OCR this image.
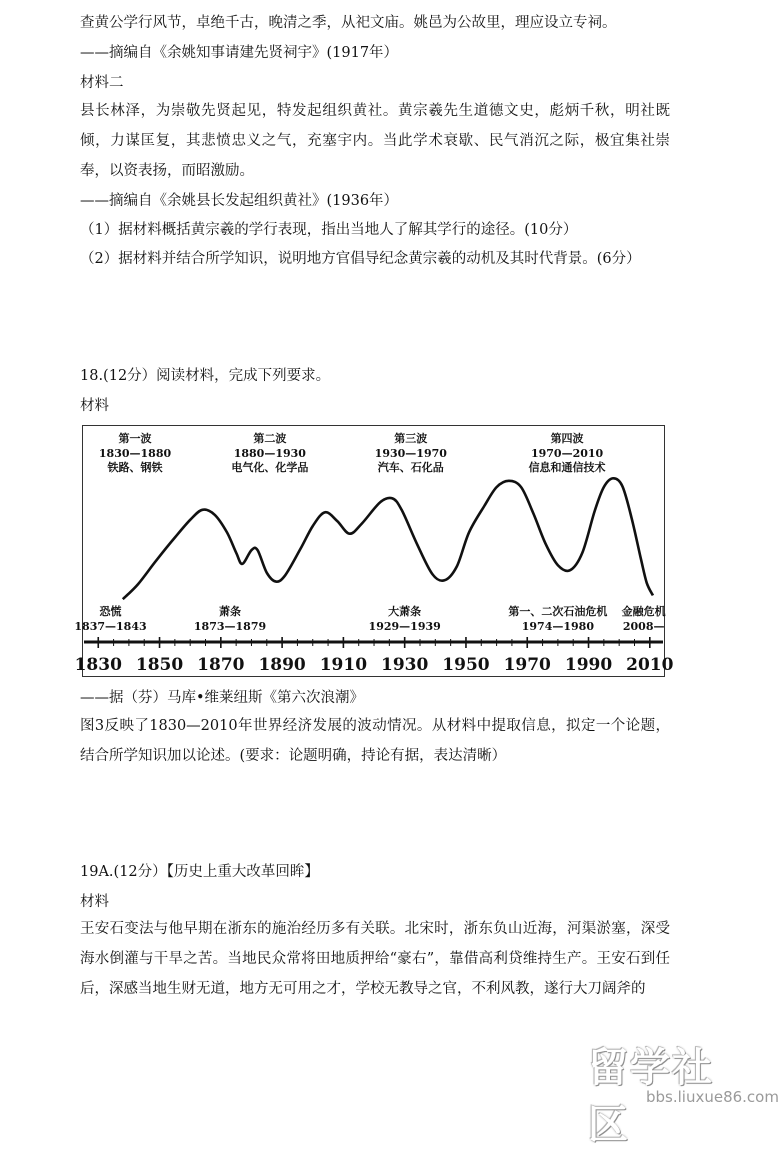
查黄公学行风节，卓绝千古，晚清之季，从祀文庙。姚邑为公故里，理应设立专祠。
——摘编自《余姚知事请建先贤祠宇》(1917年）
材料二
县长林泽，为崇敬先贤起见，特发起组织黄社。黄宗羲先生道德文史，彪炳千秋，明社既倾，力谋匡复，其悲愤忠义之气，充塞宇内。当此学术衰歇、民气消沉之际，极宜集社崇奉，以资表扬，而昭激励。
——摘编自《余姚县长发起组织黄社》(1936年）
（1）据材料概括黄宗羲的学行表现，指出当地人了解其学行的途径。(10分）
（2）据材料并结合所学知识，说明地方官倡导纪念黄宗羲的动机及其时代背景。(6分）
18.(12分）阅读材料，完成下列要求。
材料
第一波
1830—1880
铁路、钢铁
第二波
1880—1930
电气化、化学品
第三波
1930—1970
汽车、石化品
第四波
1970—2010
信息和通信技术
恐慌
1837—1843
萧条
1873—1879
大萧条
1929—1939
第一、二次石油危机
1974—1980
金融危机
2008—
1830 1850 1870 1890 1910 1930 1950 1970 1990 2010
——据（芬）马库•维莱纽斯《第六次浪潮》
图3反映了1830—2010年世界经济发展的波动情况。从材料中提取信息，拟定一个论题，结合所学知识加以论述。(要求：论题明确，持论有据，表达清晰）
19A.(12分）【历史上重大改革回眸】
材料
王安石变法与他早期在浙东的施治经历多有关联。北宋时，浙东负山近海，河渠淤塞，深受海水倒灌与干旱之苦。当地民众常将田地质押给“豪右”，靠借高利贷维持生产。王安石到任后，深感当地生财无道，地方无可用之才，学校无教导之官，不利风教，遂行大刀阔斧的
留学社区
bbs.liuxue86.com
